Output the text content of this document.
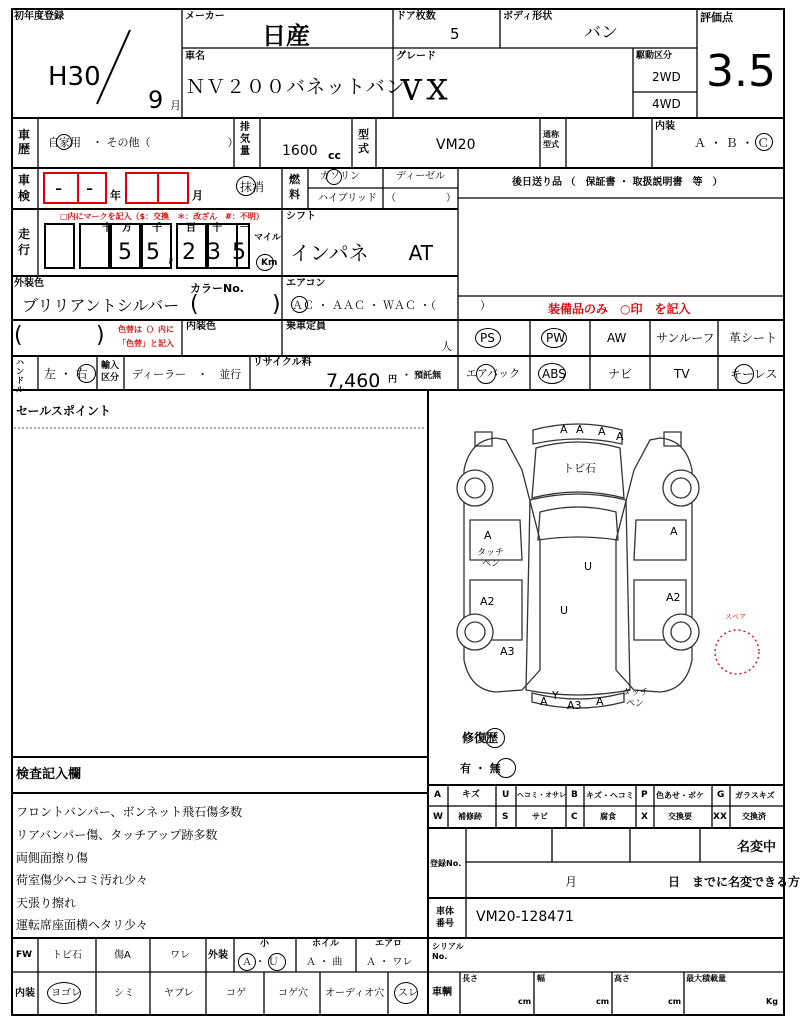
初年度登録
H30
9 月
メーカー
日産
ドア枚数
5
ボディ形状
バン
評価点
3.5
車名
ＮＶ２００バネットバン
グレード
ＶＸ
駆動区分
2WD
4WD
車歴 自家用　・ その他（　　　　　　　）
排気量 1600 cc
型式	VM20
通称型式
内装
Ａ ・ Ｂ ・ Ｃ
車検 - - 年	月
抹消
燃
料
ガソリン	ディーゼル
ハイブリッド （　　　　　）
後日送り品 （　保証書 ・ 取扱説明書　等　）
走
行
□内にマークを記入（$：交換　＊：改ざん　#：不明）
十 万 千 百 十 一
5 5 , 2 3 5
マイル
Km
シフト
インパネ　　AT
外装色	カラーNo.
ブリリアントシルバー (	)
エアコン
ＡＣ ・ ＡＡＣ ・ ＷＡＣ ・（　　　　）	装備品のみ　○印　を記入
(	) 色替は（）内に
「色替」と記入
内装色	乗車定員
人
PS	PW	AW サンルーフ 革シート
エアバック ABS	ナビ	TV	キーレス
ハ
ン
ド
ル
左 ・ 右
輸入
区分 ディーラー　・　並行
リサイクル料
7,460 円 ・ 預託無
セールスポイント
A A A A
トビ石
A
タッチ
ペン
A
U
U
A2	A2
A3
A Y
A3 A
タッチ
ペン
スペア
修復歴
有 ・ 無
検査記入欄
フロントバンパー、ボンネット飛石傷多数
リアバンパー傷、タッチアップ跡多数
両側面擦り傷
荷室傷少ヘコミ汚れ少々
天張り擦れ
運転席座面横ヘタリ少々
A キズ U ヘコミ・オサレ B キズ・ヘコミ P 色あせ・ボケ G ガラスキズ
W 補修跡 S	サビ	C	腐食	X	交換要 XX 交換済
登録No.
名変中
月	日　までに名変できる方
車体
番号 VM20-128471
FW トビ石	傷A	ワレ 外装
小
Ａ ・ Ｕ
ホイル
Ａ ・ 曲
エアロ
Ａ ・ ワレ
シリアル
No.
内装 ヨゴレ	シミ	ヤブレ	コゲ	コゲ穴 オーディオ穴 スレ 車輌
長さ
cm
幅
cm
高さ
cm
最大積載量
Kg
